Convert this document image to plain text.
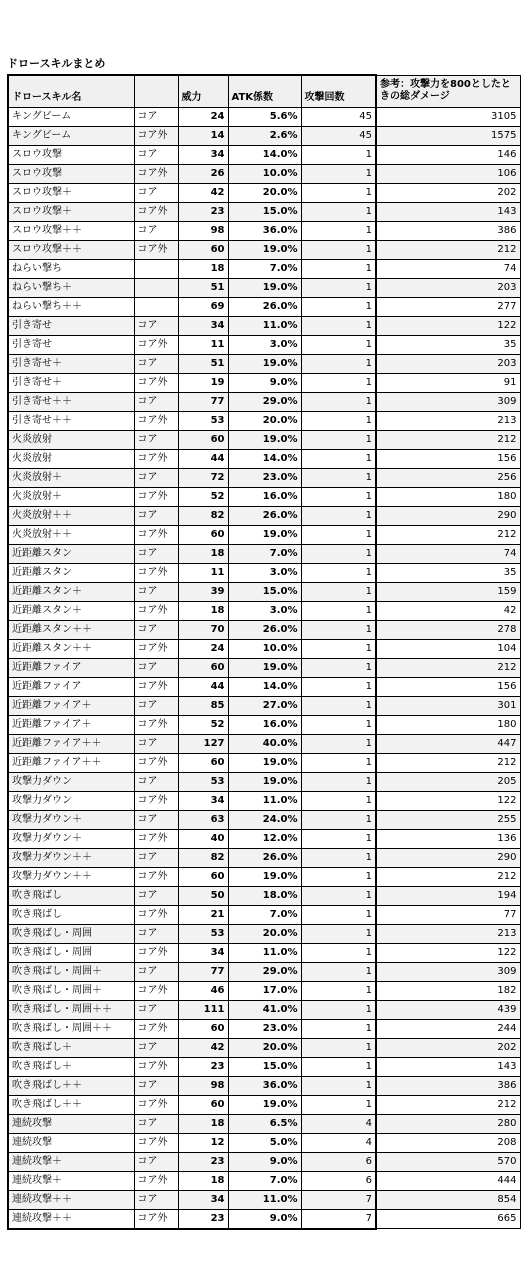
ドロースキルまとめ
ドロースキル名		威力	ATK係数	攻撃回数	参考：攻撃力を800としたときの総ダメージ
キングビーム	コア	24	5.6%	45	3105
キングビーム	コア外	14	2.6%	45	1575
スロウ攻撃	コア	34	14.0%	1	146
スロウ攻撃	コア外	26	10.0%	1	106
スロウ攻撃＋	コア	42	20.0%	1	202
スロウ攻撃＋	コア外	23	15.0%	1	143
スロウ攻撃＋＋	コア	98	36.0%	1	386
スロウ攻撃＋＋	コア外	60	19.0%	1	212
ねらい撃ち		18	7.0%	1	74
ねらい撃ち＋		51	19.0%	1	203
ねらい撃ち＋＋		69	26.0%	1	277
引き寄せ	コア	34	11.0%	1	122
引き寄せ	コア外	11	3.0%	1	35
引き寄せ＋	コア	51	19.0%	1	203
引き寄せ＋	コア外	19	9.0%	1	91
引き寄せ＋＋	コア	77	29.0%	1	309
引き寄せ＋＋	コア外	53	20.0%	1	213
火炎放射	コア	60	19.0%	1	212
火炎放射	コア外	44	14.0%	1	156
火炎放射＋	コア	72	23.0%	1	256
火炎放射＋	コア外	52	16.0%	1	180
火炎放射＋＋	コア	82	26.0%	1	290
火炎放射＋＋	コア外	60	19.0%	1	212
近距離スタン	コア	18	7.0%	1	74
近距離スタン	コア外	11	3.0%	1	35
近距離スタン＋	コア	39	15.0%	1	159
近距離スタン＋	コア外	18	3.0%	1	42
近距離スタン＋＋	コア	70	26.0%	1	278
近距離スタン＋＋	コア外	24	10.0%	1	104
近距離ファイア	コア	60	19.0%	1	212
近距離ファイア	コア外	44	14.0%	1	156
近距離ファイア＋	コア	85	27.0%	1	301
近距離ファイア＋	コア外	52	16.0%	1	180
近距離ファイア＋＋	コア	127	40.0%	1	447
近距離ファイア＋＋	コア外	60	19.0%	1	212
攻撃力ダウン	コア	53	19.0%	1	205
攻撃力ダウン	コア外	34	11.0%	1	122
攻撃力ダウン＋	コア	63	24.0%	1	255
攻撃力ダウン＋	コア外	40	12.0%	1	136
攻撃力ダウン＋＋	コア	82	26.0%	1	290
攻撃力ダウン＋＋	コア外	60	19.0%	1	212
吹き飛ばし	コア	50	18.0%	1	194
吹き飛ばし	コア外	21	7.0%	1	77
吹き飛ばし・周囲	コア	53	20.0%	1	213
吹き飛ばし・周囲	コア外	34	11.0%	1	122
吹き飛ばし・周囲＋	コア	77	29.0%	1	309
吹き飛ばし・周囲＋	コア外	46	17.0%	1	182
吹き飛ばし・周囲＋＋	コア	111	41.0%	1	439
吹き飛ばし・周囲＋＋	コア外	60	23.0%	1	244
吹き飛ばし＋	コア	42	20.0%	1	202
吹き飛ばし＋	コア外	23	15.0%	1	143
吹き飛ばし＋＋	コア	98	36.0%	1	386
吹き飛ばし＋＋	コア外	60	19.0%	1	212
連続攻撃	コア	18	6.5%	4	280
連続攻撃	コア外	12	5.0%	4	208
連続攻撃＋	コア	23	9.0%	6	570
連続攻撃＋	コア外	18	7.0%	6	444
連続攻撃＋＋	コア	34	11.0%	7	854
連続攻撃＋＋	コア外	23	9.0%	7	665
